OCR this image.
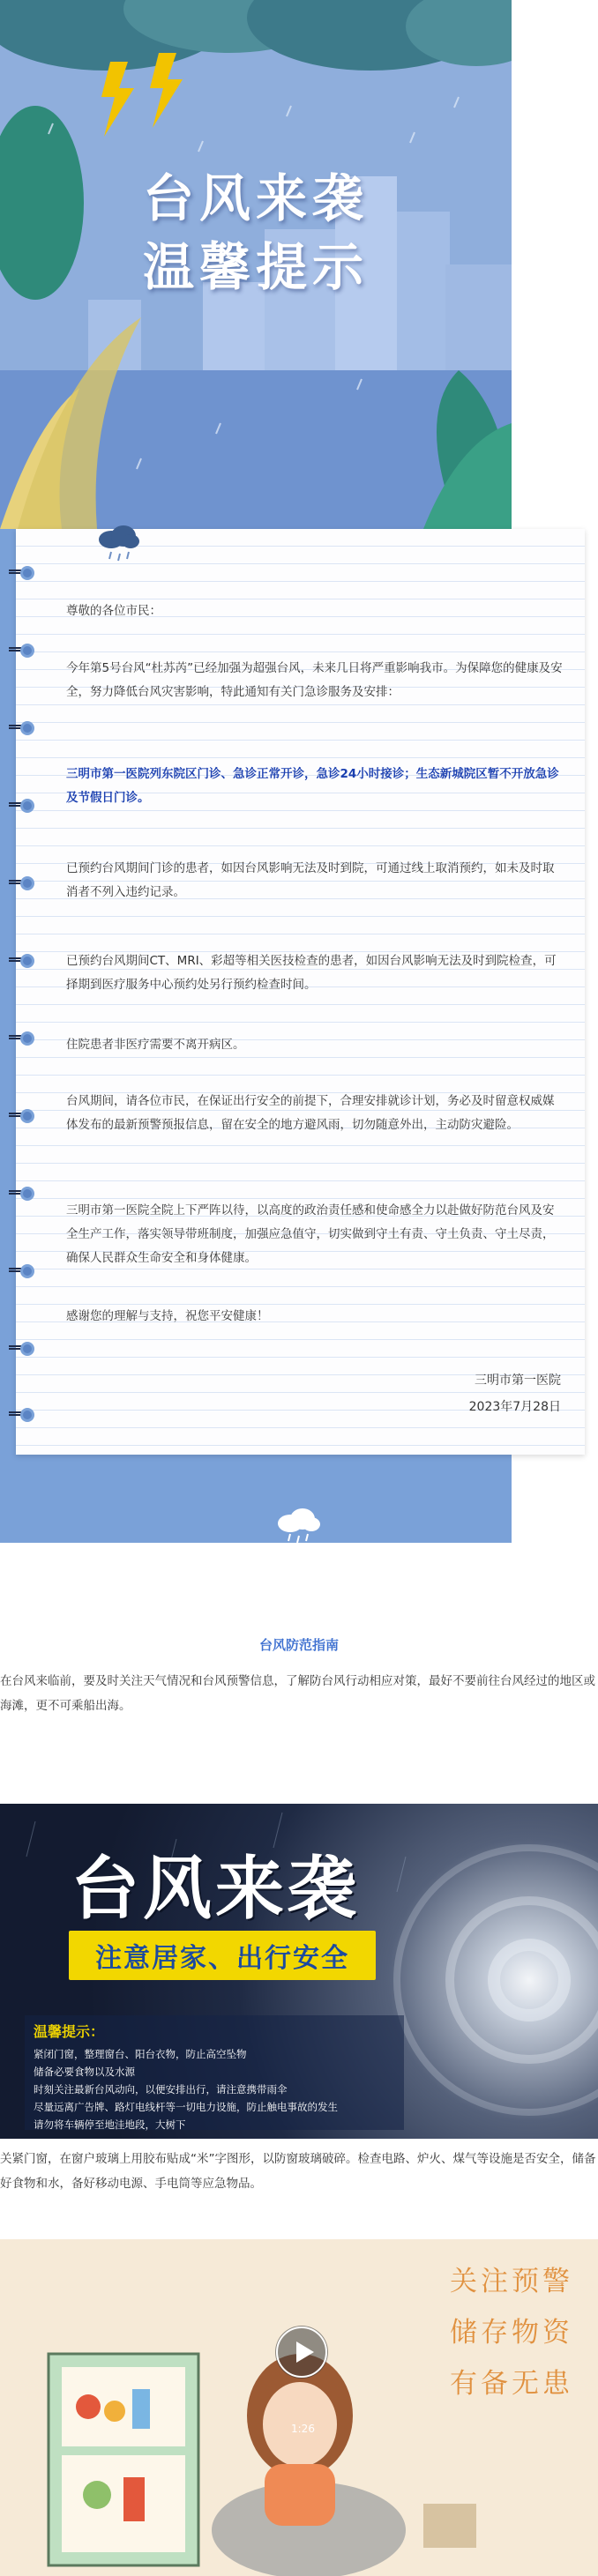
台风来袭
温馨提示

尊敬的各位市民：

今年第5号台风“杜苏芮”已经加强为超强台风，未来几日将严重影响我市。为保障您的健康及安全，努力降低台风灾害影响，特此通知有关门急诊服务及安排：

三明市第一医院列东院区门诊、急诊正常开诊，急诊24小时接诊；生态新城院区暂不开放急诊及节假日门诊。

已预约台风期间门诊的患者，如因台风影响无法及时到院，可通过线上取消预约，如未及时取消者不列入违约记录。

已预约台风期间CT、MRI、彩超等相关医技检查的患者，如因台风影响无法及时到院检查，可择期到医疗服务中心预约处另行预约检查时间。

住院患者非医疗需要不离开病区。

台风期间，请各位市民，在保证出行安全的前提下，合理安排就诊计划，务必及时留意权威媒体发布的最新预警预报信息，留在安全的地方避风雨，切勿随意外出，主动防灾避险。

三明市第一医院全院上下严阵以待，以高度的政治责任感和使命感全力以赴做好防范台风及安全生产工作，落实领导带班制度，加强应急值守，切实做到守土有责、守土负责、守土尽责，确保人民群众生命安全和身体健康。

感谢您的理解与支持，祝您平安健康！

三明市第一医院
2023年7月28日
台风防范指南

在台风来临前，要及时关注天气情况和台风预警信息，了解防台风行动相应对策，最好不要前往台风经过的地区或海滩，更不可乘船出海。

台风来袭
注意居家、出行安全
温馨提示：
紧闭门窗，整理窗台、阳台衣物，防止高空坠物
储备必要食物以及水源
时刻关注最新台风动向，以便安排出行，请注意携带雨伞
尽量远离广告牌、路灯电线杆等一切电力设施，防止触电事故的发生
请勿将车辆停至地洼地段，大树下

关紧门窗，在窗户玻璃上用胶布贴成“米”字图形，以防窗玻璃破碎。检查电路、炉火、煤气等设施是否安全，储备好食物和水，备好移动电源、手电筒等应急物品。

关注预警
储存物资
有备无患
1:26
